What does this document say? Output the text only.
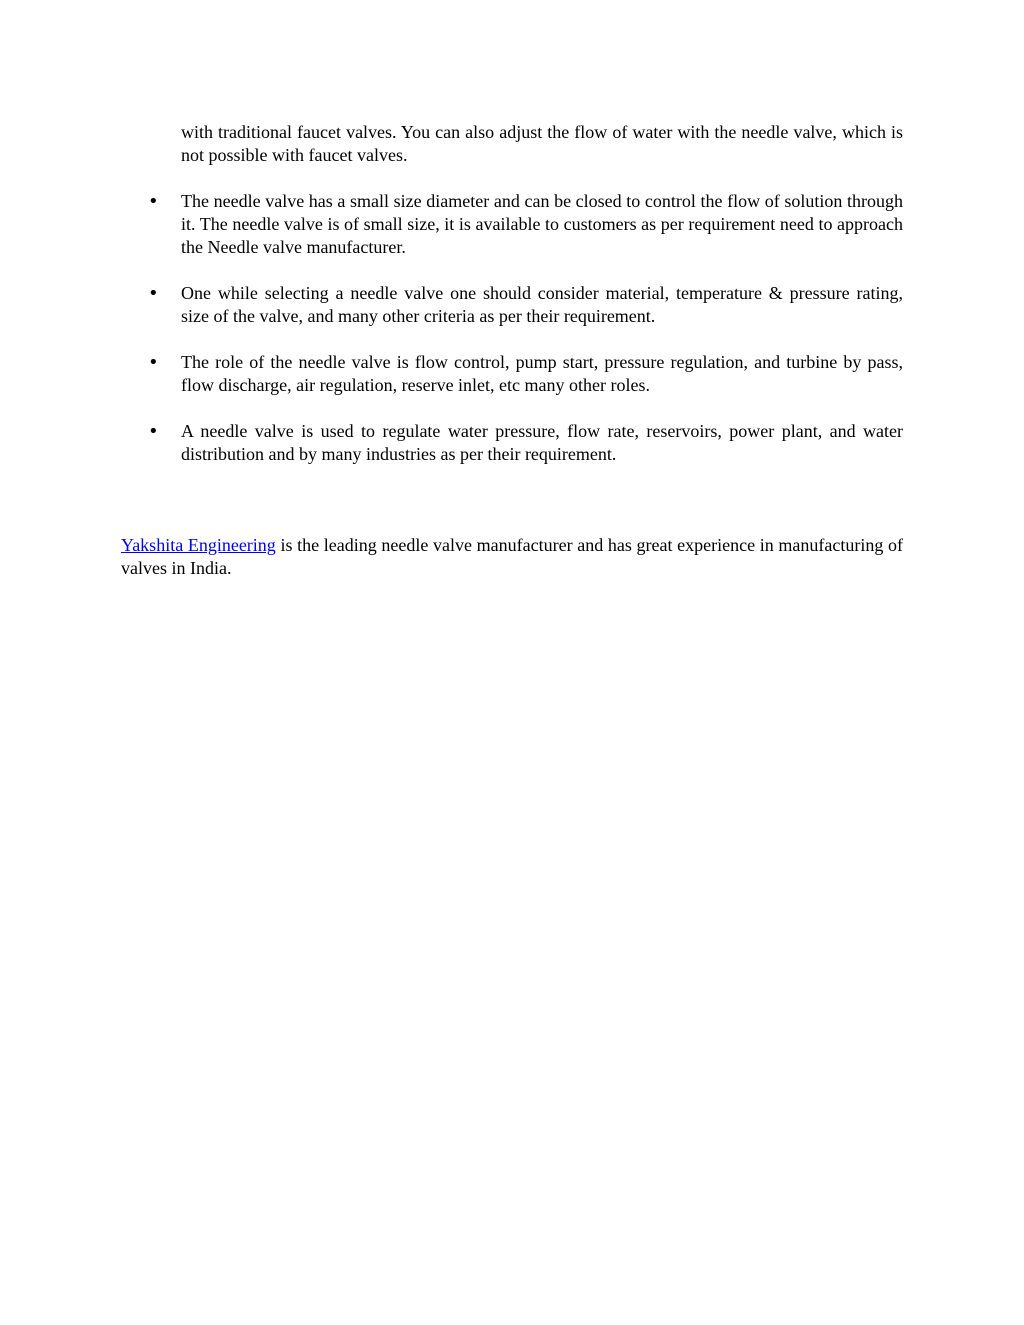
with traditional faucet valves. You can also adjust the flow of water with the needle valve, which is not possible with faucet valves.

• The needle valve has a small size diameter and can be closed to control the flow of solution through it. The needle valve is of small size, it is available to customers as per requirement need to approach the Needle valve manufacturer.
• One while selecting a needle valve one should consider material, temperature & pressure rating, size of the valve, and many other criteria as per their requirement.
• The role of the needle valve is flow control, pump start, pressure regulation, and turbine by pass, flow discharge, air regulation, reserve inlet, etc many other roles.
• A needle valve is used to regulate water pressure, flow rate, reservoirs, power plant, and water distribution and by many industries as per their requirement.

Yakshita Engineering is the leading needle valve manufacturer and has great experience in manufacturing of valves in India.
